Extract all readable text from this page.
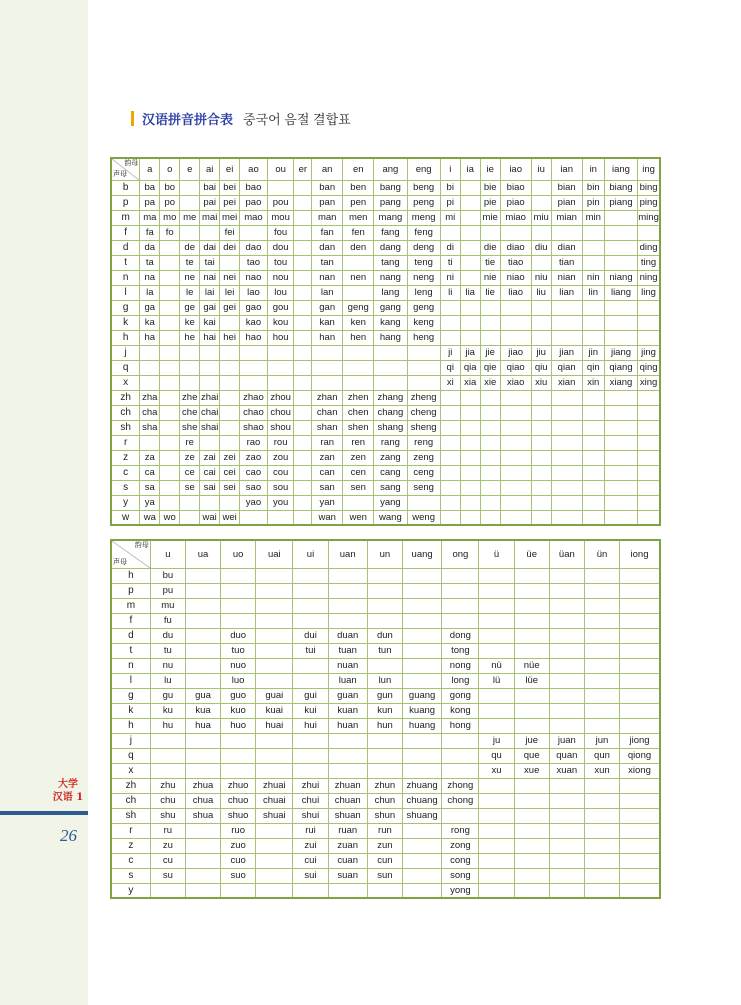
大学
汉语 1
26
汉语拼音拼合表 중국어 음절 결합표
韵母
声母	a	o	e	ai	ei	ao	ou	er	an	en	ang	eng	i	ia	ie	iao	iu	ian	in	iang	ing
b	ba	bo		bai	bei	bao			ban	ben	bang	beng	bi		bie	biao		bian	bin	biang	bing
p	pa	po		pai	pei	pao	pou		pan	pen	pang	peng	pi		pie	piao		pian	pin	piang	ping
m	ma	mo	me	mai	mei	mao	mou		man	men	mang	meng	mi		mie	miao	miu	mian	min		ming
f	fa	fo			fei		fou		fan	fen	fang	feng									
d	da		de	dai	dei	dao	dou		dan	den	dang	deng	di		die	diao	diu	dian			ding
t	ta		te	tai		tao	tou		tan		tang	teng	ti		tie	tiao		tian			ting
n	na		ne	nai	nei	nao	nou		nan	nen	nang	neng	ni		nie	niao	niu	nian	nin	niang	ning
l	la		le	lai	lei	lao	lou		lan		lang	leng	li	lia	lie	liao	liu	lian	lin	liang	ling
g	ga		ge	gai	gei	gao	gou		gan	geng	gang	geng									
k	ka		ke	kai		kao	kou		kan	ken	kang	keng									
h	ha		he	hai	hei	hao	hou		han	hen	hang	heng									
j													ji	jia	jie	jiao	jiu	jian	jin	jiang	jing
q													qi	qia	qie	qiao	qiu	qian	qin	qiang	qing
x													xi	xia	xie	xiao	xiu	xian	xin	xiang	xing
zh	zha		zhe	zhai		zhao	zhou		zhan	zhen	zhang	zheng									
ch	cha		che	chai		chao	chou		chan	chen	chang	cheng									
sh	sha		she	shai		shao	shou		shan	shen	shang	sheng									
r			re			rao	rou		ran	ren	rang	reng									
z	za		ze	zai	zei	zao	zou		zan	zen	zang	zeng									
c	ca		ce	cai	cei	cao	cou		can	cen	cang	ceng									
s	sa		se	sai	sei	sao	sou		san	sen	sang	seng									
y	ya					yao	you		yan		yang										
w	wa	wo		wai	wei				wan	wen	wang	weng									
韵母
声母	u	ua	uo	uai	ui	uan	un	uang	ong	ü	üe	üan	ün	iong
h	bu													
p	pu													
m	mu													
f	fu													
d	du		duo		dui	duan	dun		dong					
t	tu		tuo		tui	tuan	tun		tong					
n	nu		nuo			nuan			nong	nü	nüe			
l	lu		luo			luan	lun		long	lü	lüe			
g	gu	gua	guo	guai	gui	guan	gun	guang	gong					
k	ku	kua	kuo	kuai	kui	kuan	kun	kuang	kong					
h	hu	hua	huo	huai	hui	huan	hun	huang	hong					
j										ju	jue	juan	jun	jiong
q										qu	que	quan	qun	qiong
x										xu	xue	xuan	xun	xiong
zh	zhu	zhua	zhuo	zhuai	zhui	zhuan	zhun	zhuang	zhong					
ch	chu	chua	chuo	chuai	chui	chuan	chun	chuang	chong					
sh	shu	shua	shuo	shuai	shui	shuan	shun	shuang						
r	ru		ruo		rui	ruan	run		rong					
z	zu		zuo		zui	zuan	zun		zong					
c	cu		cuo		cui	cuan	cun		cong					
s	su		suo		sui	suan	sun		song					
y									yong					
